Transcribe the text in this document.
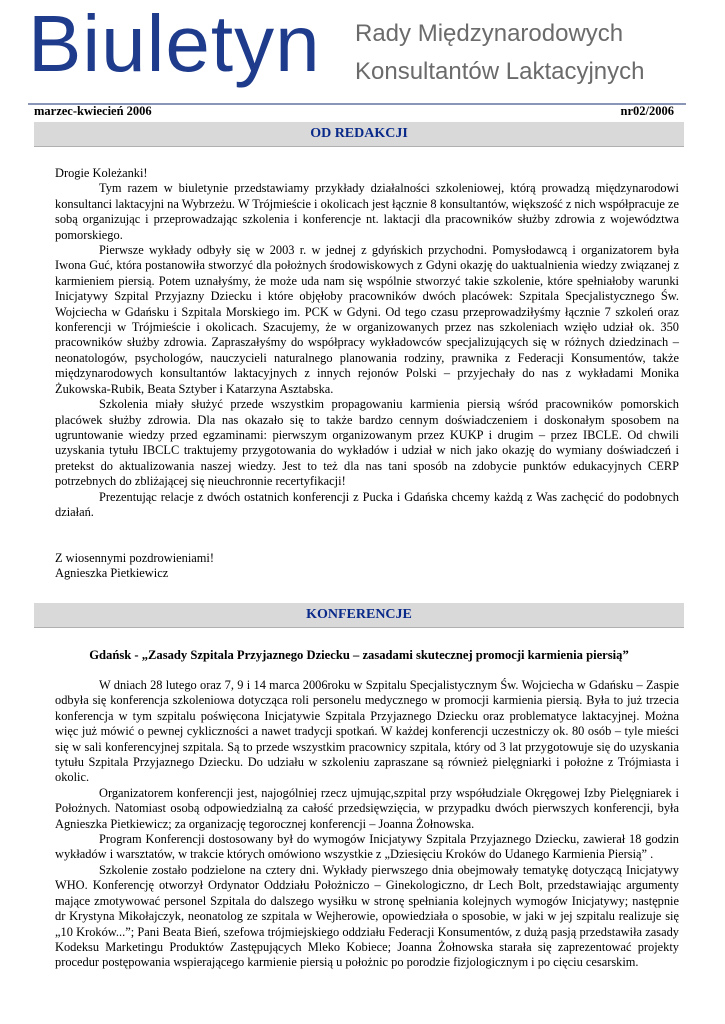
Biuletyn Rady Międzynarodowych
Konsultantów Laktacyjnych
marzec-kwiecień 2006	nr02/2006
OD REDAKCJI

Drogie Koleżanki!

Tym razem w biuletynie przedstawiamy przykłady działalności szkoleniowej, którą prowadzą międzynarodowi konsultanci laktacyjni na Wybrzeżu. W Trójmieście i okolicach jest łącznie 8 konsultantów, większość z nich współpracuje ze sobą organizując i przeprowadzając szkolenia i konferencje nt. laktacji dla pracowników służby zdrowia z województwa pomorskiego.

Pierwsze wykłady odbyły się w 2003 r. w jednej z gdyńskich przychodni. Pomysłodawcą i organizatorem była Iwona Guć, która postanowiła stworzyć dla położnych środowiskowych z Gdyni okazję do uaktualnienia wiedzy związanej z karmieniem piersią. Potem uznałyśmy, że może uda nam się wspólnie stworzyć takie szkolenie, które spełniałoby warunki Inicjatywy Szpital Przyjazny Dziecku i które objęłoby pracowników dwóch placówek: Szpitala Specjalistycznego Św. Wojciecha w Gdańsku i Szpitala Morskiego im. PCK w Gdyni. Od tego czasu przeprowadziłyśmy łącznie 7 szkoleń oraz konferencji w Trójmieście i okolicach. Szacujemy, że w organizowanych przez nas szkoleniach wzięło udział ok. 350 pracowników służby zdrowia. Zapraszałyśmy do współpracy wykładowców specjalizujących się w różnych dziedzinach – neonatologów, psychologów, nauczycieli naturalnego planowania rodziny, prawnika z Federacji Konsumentów, także międzynarodowych konsultantów laktacyjnych z innych rejonów Polski – przyjechały do nas z wykładami Monika Żukowska-Rubik, Beata Sztyber i Katarzyna Asztabska.

Szkolenia miały służyć przede wszystkim propagowaniu karmienia piersią wśród pracowników pomorskich placówek służby zdrowia. Dla nas okazało się to także bardzo cennym doświadczeniem i doskonałym sposobem na ugruntowanie wiedzy przed egzaminami: pierwszym organizowanym przez KUKP i drugim – przez IBCLE. Od chwili uzyskania tytułu IBCLC traktujemy przygotowania do wykładów i udział w nich jako okazję do wymiany doświadczeń i pretekst do aktualizowania naszej wiedzy. Jest to też dla nas tani sposób na zdobycie punktów edukacyjnych CERP potrzebnych do zbliżającej się nieuchronnie recertyfikacji!

Prezentując relacje z dwóch ostatnich konferencji z Pucka i Gdańska chcemy każdą z Was zachęcić do podobnych działań.

Z wiosennymi pozdrowieniami!

Agnieszka Pietkiewicz

KONFERENCJE
Gdańsk - „Zasady Szpitala Przyjaznego Dziecku – zasadami skutecznej promocji karmienia piersią”

W dniach 28 lutego oraz 7, 9 i 14 marca 2006roku w Szpitalu Specjalistycznym Św. Wojciecha w Gdańsku – Zaspie odbyła się konferencja szkoleniowa dotycząca roli personelu medycznego w promocji karmienia piersią. Była to już trzecia konferencja w tym szpitalu poświęcona Inicjatywie Szpitala Przyjaznego Dziecku oraz problematyce laktacyjnej. Można więc już mówić o pewnej cykliczności a nawet tradycji spotkań. W każdej konferencji uczestniczy ok. 80 osób – tyle mieści się w sali konferencyjnej szpitala. Są to przede wszystkim pracownicy szpitala, który od 3 lat przygotowuje się do uzyskania tytułu Szpitala Przyjaznego Dziecku. Do udziału w szkoleniu zapraszane są również pielęgniarki i położne z Trójmiasta i okolic.

Organizatorem konferencji jest, najogólniej rzecz ujmując,szpital przy współudziale Okręgowej Izby Pielęgniarek i Położnych. Natomiast osobą odpowiedzialną za całość przedsięwzięcia, w przypadku dwóch pierwszych konferencji, była Agnieszka Pietkiewicz; za organizację tegorocznej konferencji – Joanna Żołnowska.

Program Konferencji dostosowany był do wymogów Inicjatywy Szpitala Przyjaznego Dziecku, zawierał 18 godzin wykładów i warsztatów, w trakcie których omówiono wszystkie z „Dziesięciu Kroków do Udanego Karmienia Piersią” .

Szkolenie zostało podzielone na cztery dni. Wykłady pierwszego dnia obejmowały tematykę dotyczącą Inicjatywy WHO. Konferencję otworzył Ordynator Oddziału Położniczo – Ginekologiczno, dr Lech Bolt, przedstawiając argumenty mające zmotywować personel Szpitala do dalszego wysiłku w stronę spełniania kolejnych wymogów Inicjatywy; następnie dr Krystyna Mikołajczyk, neonatolog ze szpitala w Wejherowie, opowiedziała o sposobie, w jaki w jej szpitalu realizuje się „10 Kroków...”; Pani Beata Bień, szefowa trójmiejskiego oddziału Federacji Konsumentów, z dużą pasją przedstawiła zasady Kodeksu Marketingu Produktów Zastępujących Mleko Kobiece; Joanna Żołnowska starała się zaprezentować projekty procedur postępowania wspierającego karmienie piersią u położnic po porodzie fizjologicznym i po cięciu cesarskim.
